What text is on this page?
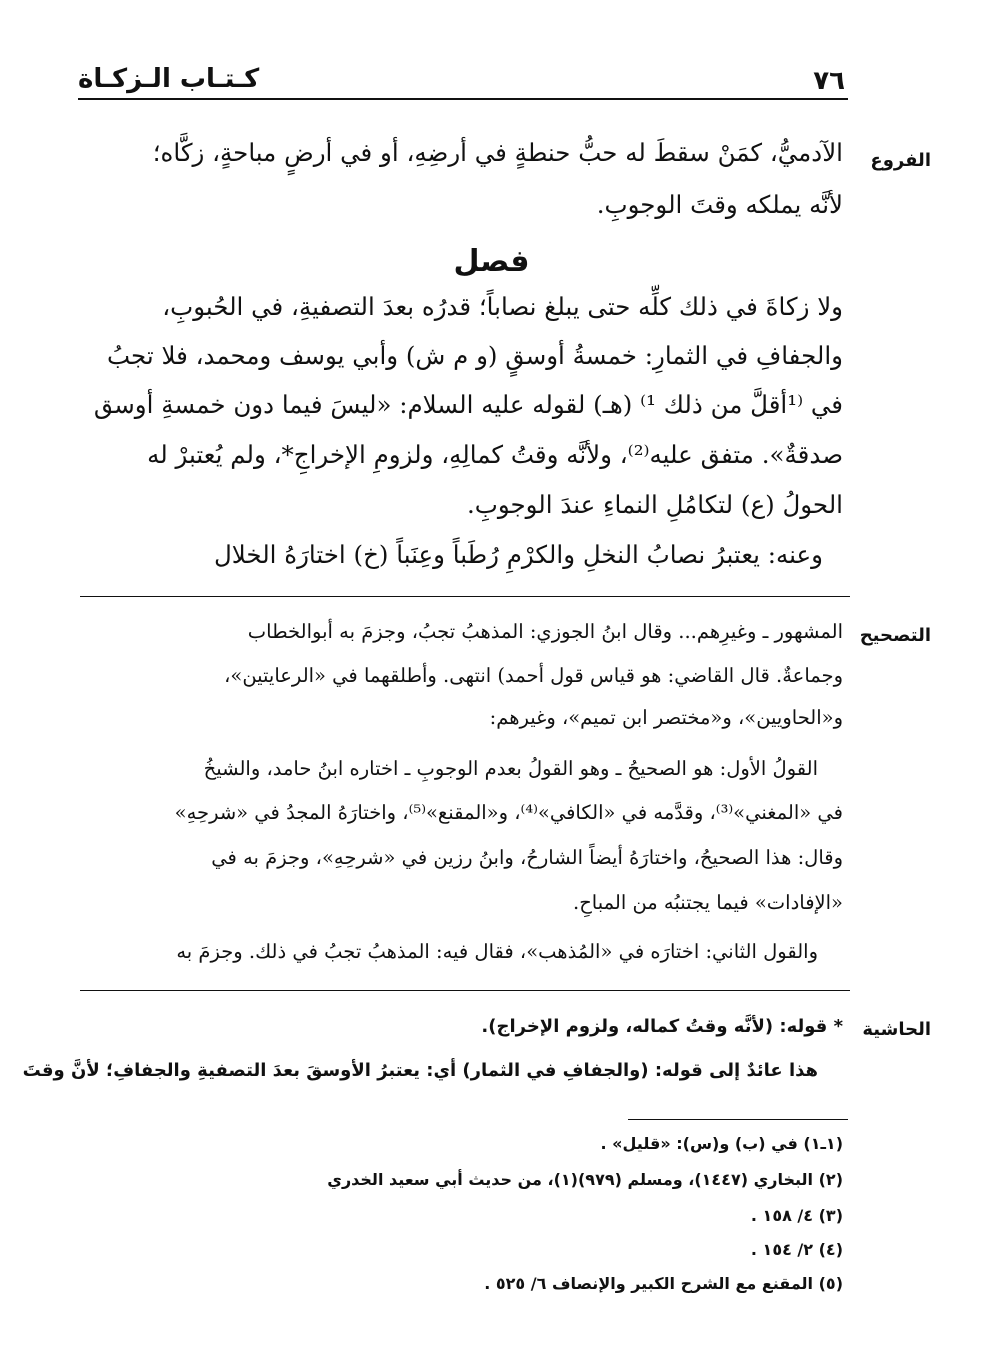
٧٦
كـتـاب الـزكـاة
الفروع
الآدميُّ، كمَنْ سقطَ له حبُّ حنطةٍ في أرضِهِ، أو في أرضٍ مباحةٍ، زكَّاه؛
لأنَّه يملكه وقتَ الوجوبِ.
فصل
ولا زكاةَ في ذلك كلِّه حتى يبلغ نصاباً؛ قدرُه بعدَ التصفيةِ، في الحُبوبِ،
والجفافِ في الثمارِ: خمسةُ أوسقٍ (و م ش) وأبي يوسف ومحمد، فلا تجبُ
في ⁽¹أقلَّ من ذلك ¹⁾ (هـ) لقوله عليه السلام: «ليسَ فيما دون خمسةِ أوسق
صدقةٌ». متفق عليه⁽²⁾، ولأنَّه وقتُ كمالِهِ، ولزومِ الإخراجِ*، ولم يُعتبرْ له
الحولُ (ع) لتكامُلِ النماءِ عندَ الوجوبِ.
وعنه: يعتبرُ نصابُ النخلِ والكرْمِ رُطَباً وعِنَباً (خ) اختارَهُ الخلال
التصحيح
المشهور ـ وغيرِهم... وقال ابنُ الجوزي: المذهبُ تجبُ، وجزمَ به أبوالخطاب
وجماعةٌ. قال القاضي: هو قياس قول أحمد) انتهى. وأطلقهما في «الرعايتين»،
و«الحاويين»، و«مختصر ابن تميم»، وغيرهم:
القولُ الأول: هو الصحيحُ ـ وهو القولُ بعدم الوجوبِ ـ اختاره ابنُ حامد، والشيخُ
في «المغني»⁽³⁾، وقدَّمه في «الكافي»⁽⁴⁾، و«المقنع»⁽⁵⁾، واختارَهُ المجدُ في «شرحِهِ»
وقال: هذا الصحيحُ، واختارَهُ أيضاً الشارحُ، وابنُ رزين في «شرحِهِ»، وجزمَ به في
«الإفادات» فيما يجتنبُه من المباحِ.
والقول الثاني: اختارَه في «المُذهب»، فقال فيه: المذهبُ تجبُ في ذلك. وجزمَ به
الحاشية
* قوله: (لأنَّه وقتُ كماله، ولزوم الإخراج).
هذا عائدٌ إلى قوله: (والجفافِ في الثمار) أي: يعتبرُ الأوسقَ بعدَ التصفيةِ والجفافِ؛ لأنَّ وقتَ
(١ـ١) في (ب) و(س): «قليل» .
(٢) البخاري (١٤٤٧)، ومسلم (٩٧٩)(١)، من حديث أبي سعيد الخدري
(٣) ٤/ ١٥٨ .
(٤) ٢/ ١٥٤ .
(٥) المقنع مع الشرح الكبير والإنصاف ٦/ ٥٢٥ .
